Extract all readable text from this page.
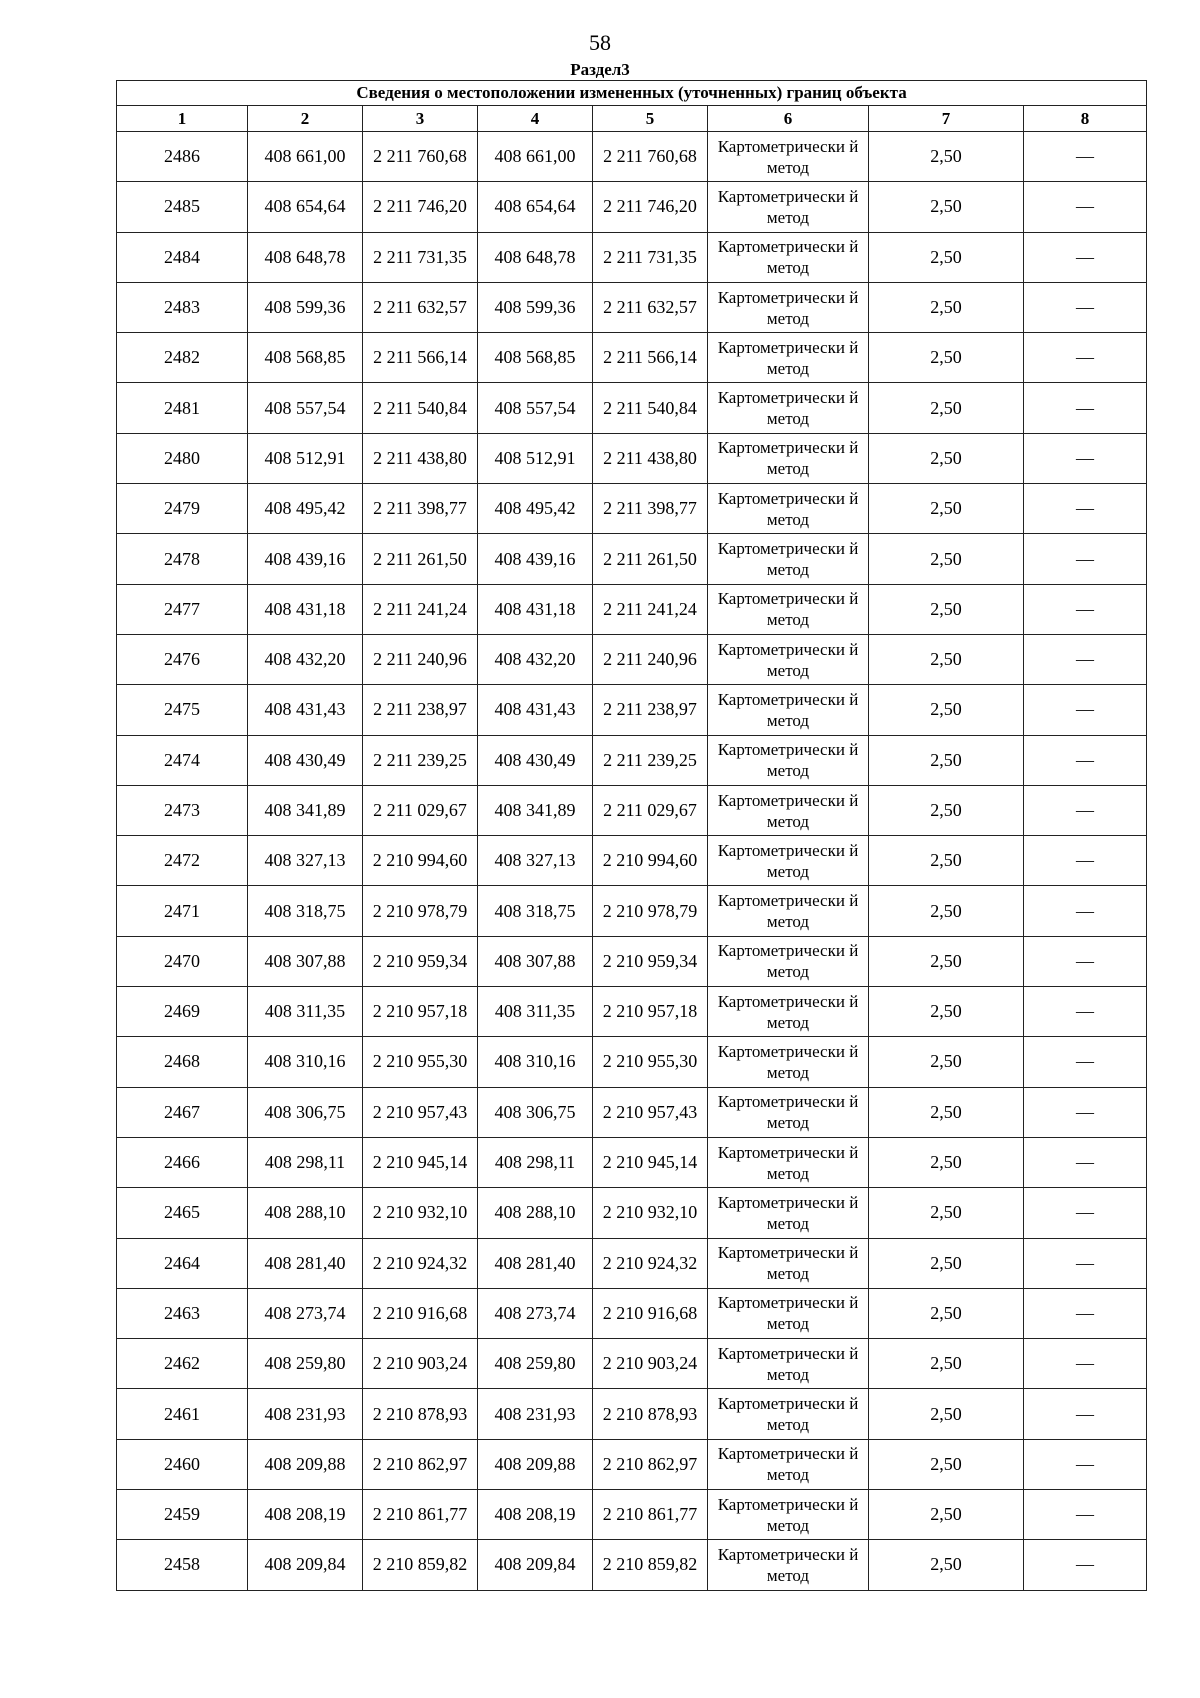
58
Раздел3
Сведения о местоположении измененных (уточненных) границ объекта							
1	2	3	4	5	6	7	8
2486	408 661,00	2 211 760,68	408 661,00	2 211 760,68	Картометрически й метод	2,50	—
2485	408 654,64	2 211 746,20	408 654,64	2 211 746,20	Картометрически й метод	2,50	—
2484	408 648,78	2 211 731,35	408 648,78	2 211 731,35	Картометрически й метод	2,50	—
2483	408 599,36	2 211 632,57	408 599,36	2 211 632,57	Картометрически й метод	2,50	—
2482	408 568,85	2 211 566,14	408 568,85	2 211 566,14	Картометрически й метод	2,50	—
2481	408 557,54	2 211 540,84	408 557,54	2 211 540,84	Картометрически й метод	2,50	—
2480	408 512,91	2 211 438,80	408 512,91	2 211 438,80	Картометрически й метод	2,50	—
2479	408 495,42	2 211 398,77	408 495,42	2 211 398,77	Картометрически й метод	2,50	—
2478	408 439,16	2 211 261,50	408 439,16	2 211 261,50	Картометрически й метод	2,50	—
2477	408 431,18	2 211 241,24	408 431,18	2 211 241,24	Картометрически й метод	2,50	—
2476	408 432,20	2 211 240,96	408 432,20	2 211 240,96	Картометрически й метод	2,50	—
2475	408 431,43	2 211 238,97	408 431,43	2 211 238,97	Картометрически й метод	2,50	—
2474	408 430,49	2 211 239,25	408 430,49	2 211 239,25	Картометрически й метод	2,50	—
2473	408 341,89	2 211 029,67	408 341,89	2 211 029,67	Картометрически й метод	2,50	—
2472	408 327,13	2 210 994,60	408 327,13	2 210 994,60	Картометрически й метод	2,50	—
2471	408 318,75	2 210 978,79	408 318,75	2 210 978,79	Картометрически й метод	2,50	—
2470	408 307,88	2 210 959,34	408 307,88	2 210 959,34	Картометрически й метод	2,50	—
2469	408 311,35	2 210 957,18	408 311,35	2 210 957,18	Картометрически й метод	2,50	—
2468	408 310,16	2 210 955,30	408 310,16	2 210 955,30	Картометрически й метод	2,50	—
2467	408 306,75	2 210 957,43	408 306,75	2 210 957,43	Картометрически й метод	2,50	—
2466	408 298,11	2 210 945,14	408 298,11	2 210 945,14	Картометрически й метод	2,50	—
2465	408 288,10	2 210 932,10	408 288,10	2 210 932,10	Картометрически й метод	2,50	—
2464	408 281,40	2 210 924,32	408 281,40	2 210 924,32	Картометрически й метод	2,50	—
2463	408 273,74	2 210 916,68	408 273,74	2 210 916,68	Картометрически й метод	2,50	—
2462	408 259,80	2 210 903,24	408 259,80	2 210 903,24	Картометрически й метод	2,50	—
2461	408 231,93	2 210 878,93	408 231,93	2 210 878,93	Картометрически й метод	2,50	—
2460	408 209,88	2 210 862,97	408 209,88	2 210 862,97	Картометрически й метод	2,50	—
2459	408 208,19	2 210 861,77	408 208,19	2 210 861,77	Картометрически й метод	2,50	—
2458	408 209,84	2 210 859,82	408 209,84	2 210 859,82	Картометрически й метод	2,50	—
